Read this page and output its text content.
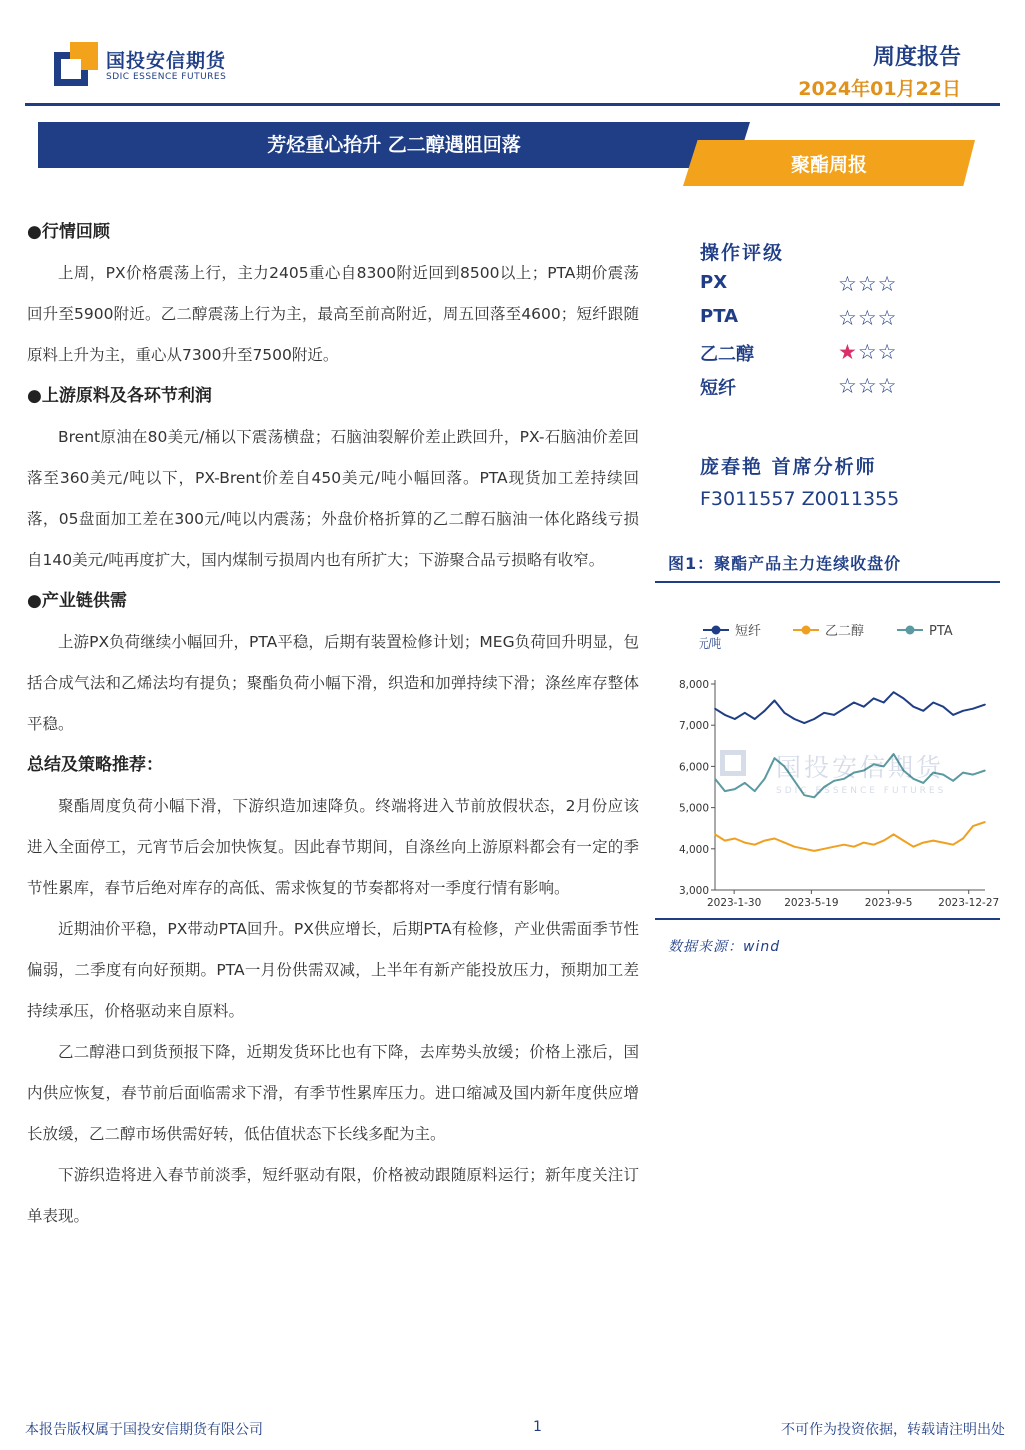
国投安信期货
SDIC ESSENCE FUTURES
周度报告
2024年01月22日
芳烃重心抬升 乙二醇遇阻回落
聚酯周报
●行情回顾

上周，PX价格震荡上行，主力2405重心自8300附近回到8500以上；PTA期价震荡回升至5900附近。乙二醇震荡上行为主，最高至前高附近，周五回落至4600；短纤跟随原料上升为主，重心从7300升至7500附近。

●上游原料及各环节利润

Brent原油在80美元/桶以下震荡横盘；石脑油裂解价差止跌回升，PX-石脑油价差回落至360美元/吨以下，PX-Brent价差自450美元/吨小幅回落。PTA现货加工差持续回落，05盘面加工差在300元/吨以内震荡；外盘价格折算的乙二醇石脑油一体化路线亏损自140美元/吨再度扩大，国内煤制亏损周内也有所扩大；下游聚合品亏损略有收窄。

●产业链供需

上游PX负荷继续小幅回升，PTA平稳，后期有装置检修计划；MEG负荷回升明显，包括合成气法和乙烯法均有提负；聚酯负荷小幅下滑，织造和加弹持续下滑；涤丝库存整体平稳。

总结及策略推荐：

聚酯周度负荷小幅下滑，下游织造加速降负。终端将进入节前放假状态，2月份应该进入全面停工，元宵节后会加快恢复。因此春节期间，自涤丝向上游原料都会有一定的季节性累库，春节后绝对库存的高低、需求恢复的节奏都将对一季度行情有影响。

近期油价平稳，PX带动PTA回升。PX供应增长，后期PTA有检修，产业供需面季节性偏弱，二季度有向好预期。PTA一月份供需双减，上半年有新产能投放压力，预期加工差持续承压，价格驱动来自原料。

乙二醇港口到货预报下降，近期发货环比也有下降，去库势头放缓；价格上涨后，国内供应恢复，春节前后面临需求下滑，有季节性累库压力。进口缩减及国内新年度供应增长放缓，乙二醇市场供需好转，低估值状态下长线多配为主。

下游织造将进入春节前淡季，短纤驱动有限，价格被动跟随原料运行；新年度关注订单表现。

操作评级
PX	☆☆☆
PTA	☆☆☆
乙二醇	★☆☆
短纤	☆☆☆
庞春艳 首席分析师
F3011557 Z0011355
图1：聚酯产品主力连续收盘价
短纤	乙二醇	PTA
元/吨
3,000
4,000
5,000
6,000
7,000
8,000
2023-1-30 2023-5-19 2023-9-5 2023-12-27
数据来源：wind
国投安信期货
SDIC ESSENCE FUTURES
本报告版权属于国投安信期货有限公司	1	不可作为投资依据，转载请注明出处
